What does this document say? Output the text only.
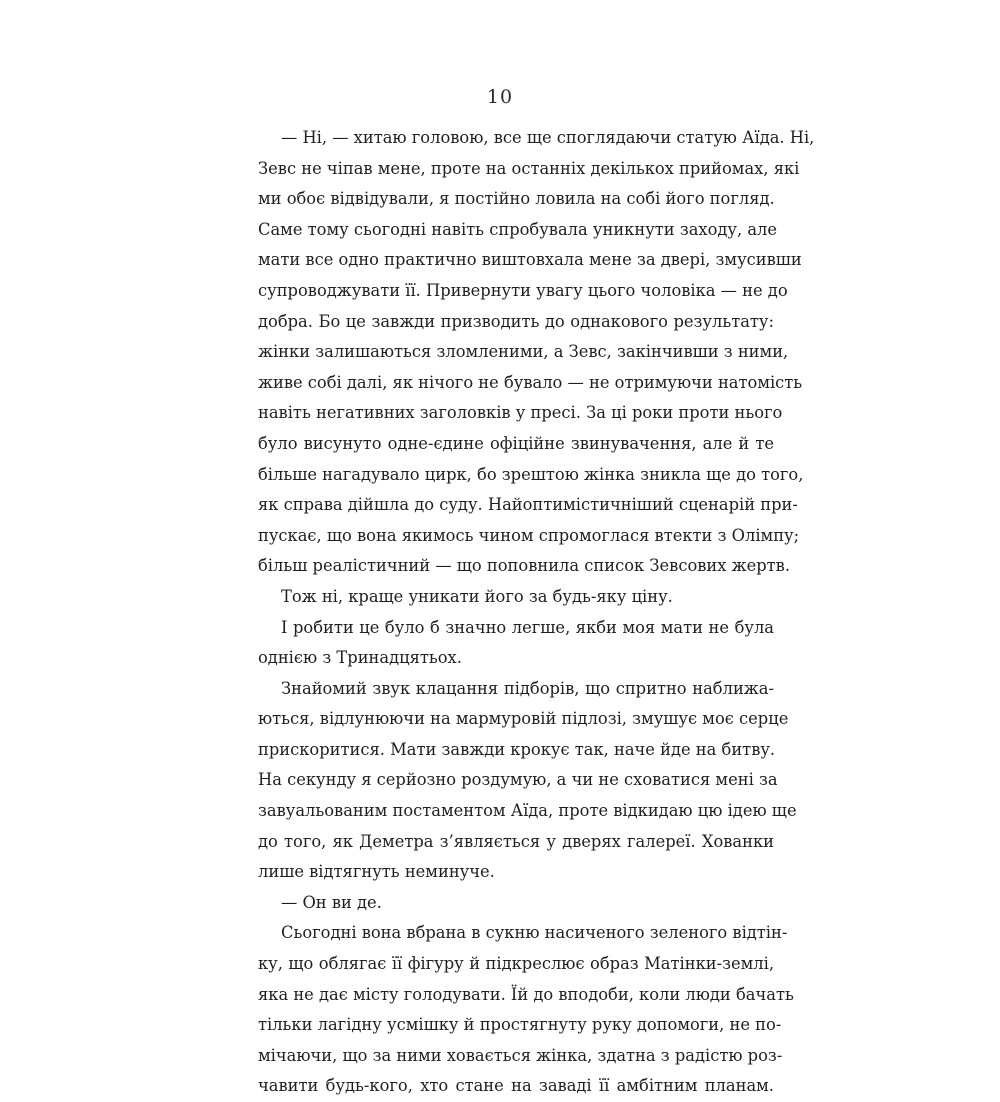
10

— Ні, — хитаю головою, все ще споглядаючи статую Аїда. Ні,
Зевс не чіпав мене, проте на останніх декількох прийомах, які
ми обоє відвідували, я постійно ловила на собі його погляд.
Саме тому сьогодні навіть спробувала уникнути заходу, але
мати все одно практично виштовхала мене за двері, змусивши
супроводжувати її. Привернути увагу цього чоловіка — не до
добра. Бо це завжди призводить до однакового результату:
жінки залишаються зломленими, а Зевс, закінчивши з ними,
живе собі далі, як нічого не бувало — не отримуючи натомість
навіть негативних заголовків у пресі. За ці роки проти нього
було висунуто одне-єдине офіційне звинувачення, але й те
більше нагадувало цирк, бо зрештою жінка зникла ще до того,
як справа дійшла до суду. Найоптимістичніший сценарій при-
пускає, що вона якимось чином спромоглася втекти з Олімпу;
більш реалістичний — що поповнила список Зевсових жертв.

Тож ні, краще уникати його за будь-яку ціну.

І робити це було б значно легше, якби моя мати не була
однією з Тринадцятьох.

Знайомий звук клацання підборів, що спритно наближа-
ються, відлунюючи на мармуровій підлозі, змушує моє серце
прискоритися. Мати завжди крокує так, наче йде на битву.
На секунду я серйозно роздумую, а чи не сховатися мені за
завуальованим постаментом Аїда, проте відкидаю цю ідею ще
до того, як Деметра з’являється у дверях галереї. Хованки
лише відтягнуть неминуче.

— Он ви де.

Сьогодні вона вбрана в сукню насиченого зеленого відтін-
ку, що облягає її фігуру й підкреслює образ Матінки-землі,
яка не дає місту голодувати. Їй до вподоби, коли люди бачать
тільки лагідну усмішку й простягнуту руку допомоги, не по-
мічаючи, що за ними ховається жінка, здатна з радістю роз-
чавити будь-кого, хто стане на заваді її амбітним планам.
